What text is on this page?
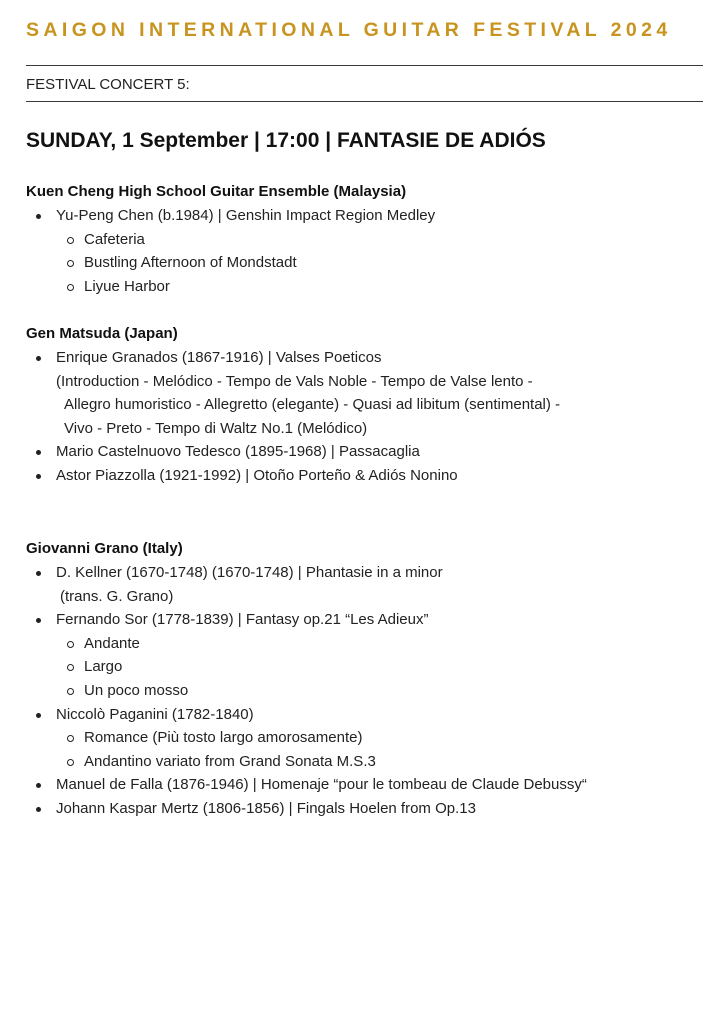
SAIGON INTERNATIONAL GUITAR FESTIVAL 2024
FESTIVAL CONCERT 5:
SUNDAY, 1 September | 17:00 | FANTASIE DE ADIÓS

Kuen Cheng High School Guitar Ensemble (Malaysia)

Yu-Peng Chen (b.1984) | Genshin Impact Region Medley
Cafeteria
Bustling Afternoon of Mondstadt
Liyue Harbor

Gen Matsuda (Japan)

Enrique Granados (1867-1916) | Valses Poeticos
(Introduction - Melódico - Tempo de Vals Noble - Tempo de Valse lento -
Allegro humoristico - Allegretto (elegante) - Quasi ad libitum (sentimental) -
Vivo - Preto - Tempo di Waltz No.1 (Melódico)
Mario Castelnuovo Tedesco (1895-1968) | Passacaglia
Astor Piazzolla (1921-1992) | Otoño Porteño & Adiós Nonino

Giovanni Grano (Italy)

D. Kellner (1670-1748) (1670-1748) | Phantasie in a minor
(trans. G. Grano)
Fernando Sor (1778-1839) | Fantasy op.21 “Les Adieux”
Andante
Largo
Un poco mosso
Niccolò Paganini (1782-1840)
Romance (Più tosto largo amorosamente)
Andantino variato from Grand Sonata M.S.3
Manuel de Falla (1876-1946) | Homenaje “pour le tombeau de Claude Debussy“
Johann Kaspar Mertz (1806-1856) | Fingals Hoelen from Op.13
